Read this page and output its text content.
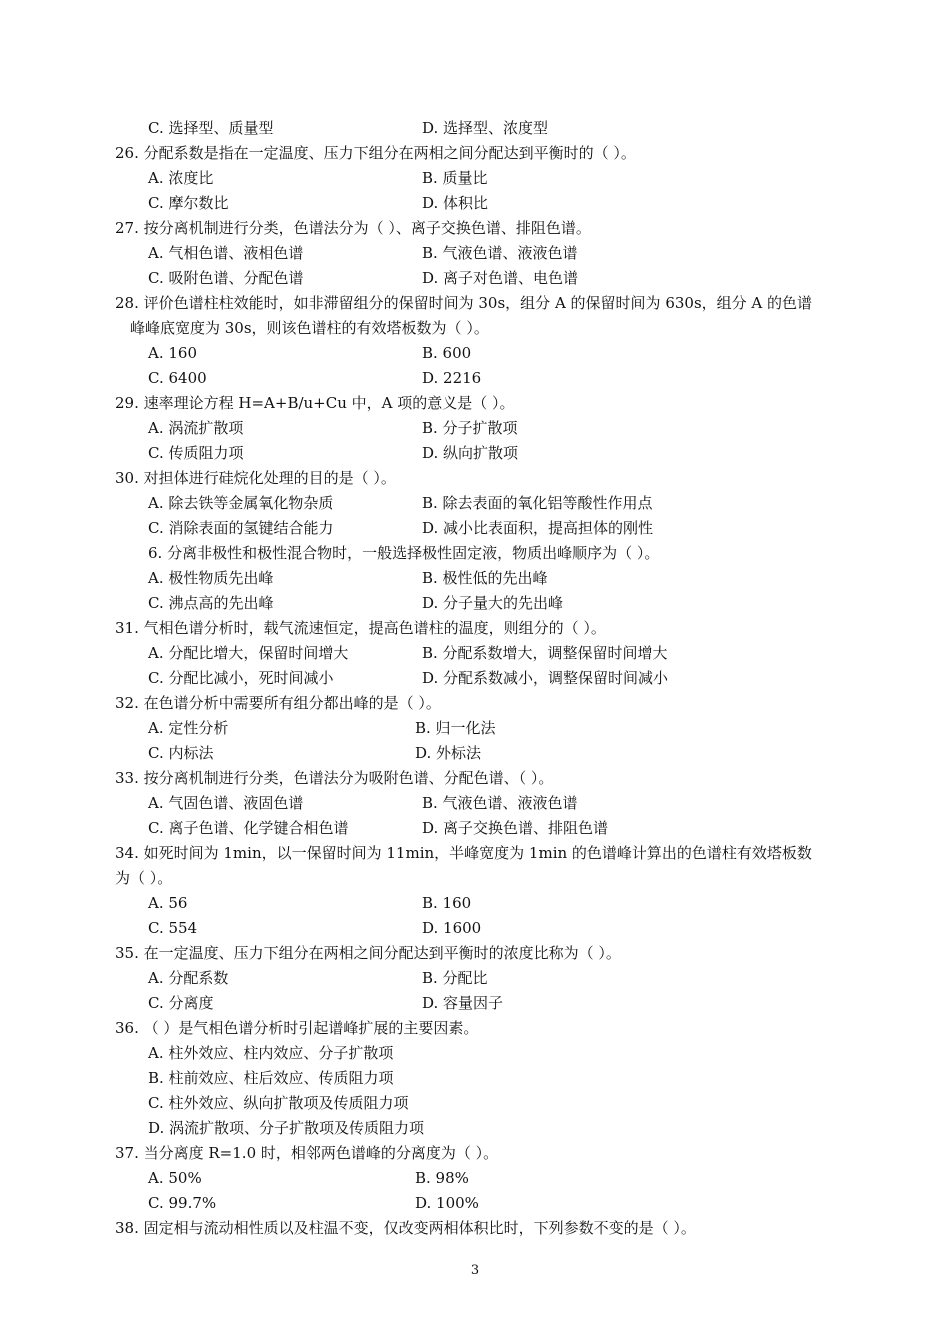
C. 选择型、质量型	D. 选择型、浓度型
26. 分配系数是指在一定温度、压力下组分在两相之间分配达到平衡时的（ ）。
A. 浓度比	B. 质量比
C. 摩尔数比	D. 体积比
27. 按分离机制进行分类，色谱法分为（ ）、离子交换色谱、排阻色谱。
A. 气相色谱、液相色谱	B. 气液色谱、液液色谱
C. 吸附色谱、分配色谱	D. 离子对色谱、电色谱
28. 评价色谱柱柱效能时，如非滞留组分的保留时间为 30s，组分 A 的保留时间为 630s，组分 A 的色谱
峰峰底宽度为 30s，则该色谱柱的有效塔板数为（ ）。
A. 160	B. 600
C. 6400	D. 2216
29. 速率理论方程 H=A+B/u+Cu 中，A 项的意义是（ ）。
A. 涡流扩散项	B. 分子扩散项
C. 传质阻力项	D. 纵向扩散项
30. 对担体进行硅烷化处理的目的是（ ）。
A. 除去铁等金属氧化物杂质	B. 除去表面的氧化铝等酸性作用点
C. 消除表面的氢键结合能力	D. 减小比表面积，提高担体的刚性
6. 分离非极性和极性混合物时，一般选择极性固定液，物质出峰顺序为（ ）。
A. 极性物质先出峰	B. 极性低的先出峰
C. 沸点高的先出峰	D. 分子量大的先出峰
31. 气相色谱分析时，载气流速恒定，提高色谱柱的温度，则组分的（ ）。
A. 分配比增大，保留时间增大	B. 分配系数增大，调整保留时间增大
C. 分配比减小，死时间减小	D. 分配系数减小，调整保留时间减小
32. 在色谱分析中需要所有组分都出峰的是（ ）。
A. 定性分析	B. 归一化法
C. 内标法	D. 外标法
33. 按分离机制进行分类，色谱法分为吸附色谱、分配色谱、（ ）。
A. 气固色谱、液固色谱	B. 气液色谱、液液色谱
C. 离子色谱、化学键合相色谱	D. 离子交换色谱、排阻色谱
34. 如死时间为 1min，以一保留时间为 11min，半峰宽度为 1min 的色谱峰计算出的色谱柱有效塔板数
为（ ）。
A. 56	B. 160
C. 554	D. 1600
35. 在一定温度、压力下组分在两相之间分配达到平衡时的浓度比称为（ ）。
A. 分配系数	B. 分配比
C. 分离度	D. 容量因子
36. （ ）是气相色谱分析时引起谱峰扩展的主要因素。
A. 柱外效应、柱内效应、分子扩散项
B. 柱前效应、柱后效应、传质阻力项
C. 柱外效应、纵向扩散项及传质阻力项
D. 涡流扩散项、分子扩散项及传质阻力项
37. 当分离度 R=1.0 时，相邻两色谱峰的分离度为（ ）。
A. 50%	B. 98%
C. 99.7%	D. 100%
38. 固定相与流动相性质以及柱温不变，仅改变两相体积比时，下列参数不变的是（ ）。
3
